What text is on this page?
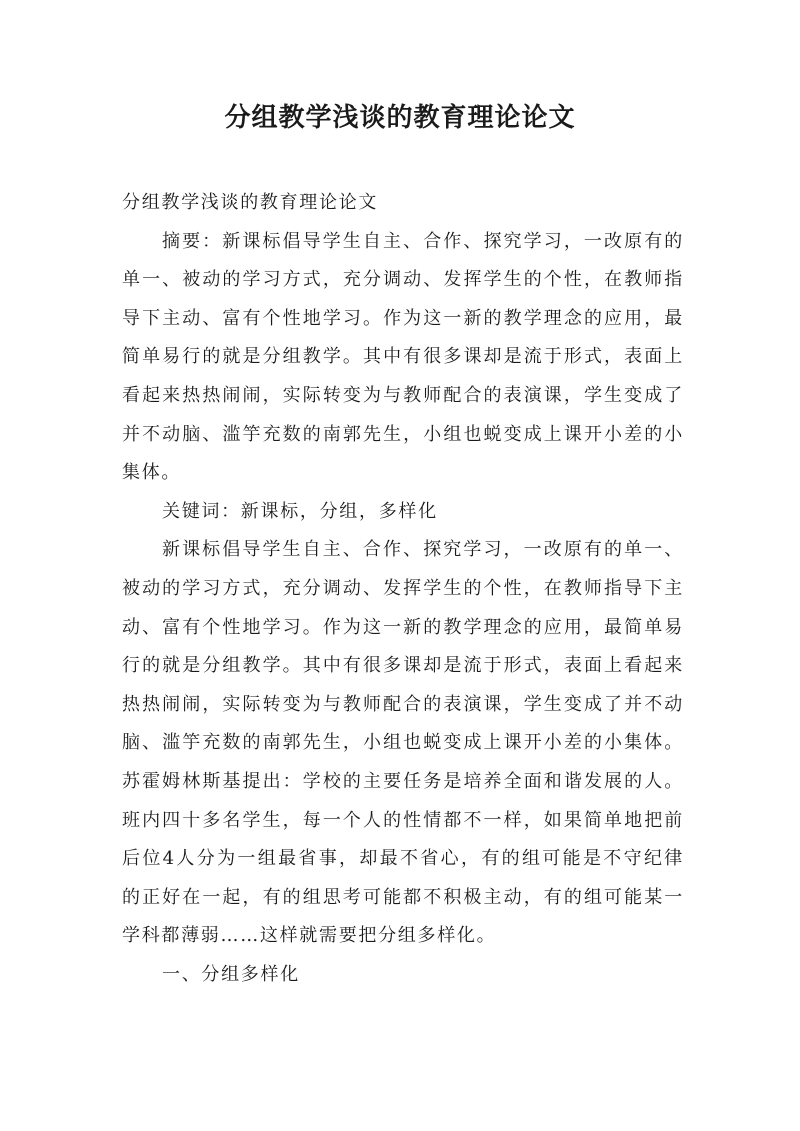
分组教学浅谈的教育理论论文

分组教学浅谈的教育理论论文

摘要：新课标倡导学生自主、合作、探究学习，一改原有的单一、被动的学习方式，充分调动、发挥学生的个性，在教师指导下主动、富有个性地学习。作为这一新的教学理念的应用，最简单易行的就是分组教学。其中有很多课却是流于形式，表面上看起来热热闹闹，实际转变为与教师配合的表演课，学生变成了并不动脑、滥竽充数的南郭先生，小组也蜕变成上课开小差的小集体。

关键词：新课标，分组，多样化

新课标倡导学生自主、合作、探究学习，一改原有的单一、被动的学习方式，充分调动、发挥学生的个性，在教师指导下主动、富有个性地学习。作为这一新的教学理念的应用，最简单易行的就是分组教学。其中有很多课却是流于形式，表面上看起来热热闹闹，实际转变为与教师配合的表演课，学生变成了并不动脑、滥竽充数的南郭先生，小组也蜕变成上课开小差的小集体。苏霍姆林斯基提出：学校的主要任务是培养全面和谐发展的人。班内四十多名学生，每一个人的性情都不一样，如果简单地把前后位4人分为一组最省事，却最不省心，有的组可能是不守纪律的正好在一起，有的组思考可能都不积极主动，有的组可能某一学科都薄弱……这样就需要把分组多样化。

一、分组多样化
